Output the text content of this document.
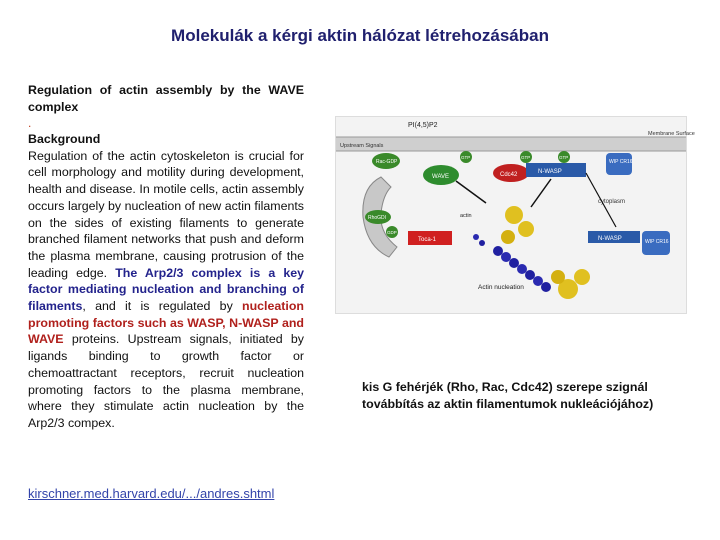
Molekulák a kérgi aktin hálózat létrehozásában
Regulation of actin assembly by the WAVE complex
.
Background
Regulation of the actin cytoskeleton is crucial for cell morphology and motility during development, health and disease. In motile cells, actin assembly occurs largely by nucleation of new actin filaments on the sides of existing filaments to generate branched filament networks that push and deform the plasma membrane, causing protrusion of the leading edge. The Arp2/3 complex is a key factor mediating nucleation and branching of filaments, and it is regulated by nucleation promoting factors such as WASP, N-WASP and WAVE proteins. Upstream signals, initiated by ligands binding to growth factor or chemoattractant receptors, recruit nucleation promoting factors to the plasma membrane, where they stimulate actin nucleation by the Arp2/3 compex.
kirschner.med.harvard.edu/.../andres.shtml
PI(4,5)P2
Membrane Surface
Upstream Signals
cytoplasm
Rac-GDP
RhoGDI
GDP
WAVE
GTP
Cdc42
GTP
N-WASP
GTP
WIP CR16
Toca-1	N-WASP	WIP CR16
actin
Actin nucleation
kis G fehérjék (Rho, Rac, Cdc42) szerepe szignál továbbítás az aktin filamentumok nukleációjához)
